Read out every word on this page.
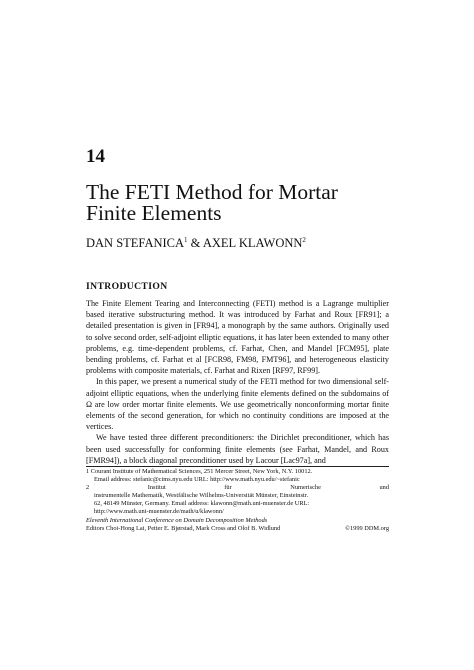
14
The FETI Method for Mortar
Finite Elements
DAN STEFANICA$^1$ & AXEL KLAWONN$^2$
INTRODUCTION

The Finite Element Tearing and Interconnecting (FETI) method is a Lagrange multiplier based iterative substructuring method. It was introduced by Farhat and Roux [FR91]; a detailed presentation is given in [FR94], a monograph by the same authors. Originally used to solve second order, self-adjoint elliptic equations, it has later been extended to many other problems, e.g. time-dependent problems, cf. Farhat, Chen, and Mandel [FCM95], plate bending problems, cf. Farhat et al [FCR98, FM98, FMT96], and heterogeneous elasticity problems with composite materials, cf. Farhat and Rixen [RF97, RF99].

In this paper, we present a numerical study of the FETI method for two dimensional self-adjoint elliptic equations, when the underlying finite elements defined on the subdomains of Ω are low order mortar finite elements. We use geometrically nonconforming mortar finite elements of the second generation, for which no continuity conditions are imposed at the vertices.

We have tested three different preconditioners: the Dirichlet preconditioner, which has been used successfully for conforming finite elements (see Farhat, Mandel, and Roux [FMR94]), a block diagonal preconditioner used by Lacour [Lac97a], and

1 Courant Institute of Mathematical Sciences, 251 Mercer Street, New York, N.Y. 10012.
Email address: stefanic@cims.nyu.edu URL: http://www.math.nyu.edu/~stefanic
2	Institut	für	Numerische	und
instrumentelle Mathematik, Westfälische Wilhelms-Universität Münster, Einsteinstr.
62, 48149 Münster, Germany. Email address: klawonn@math.uni-muenster.de URL:
http://www.math.uni-muenster.de/math/u/klawonn/
Eleventh International Conference on Domain Decomposition Methods
Editors Choi-Hong Lai, Petter E. Bjørstad, Mark Cross and Olof B. Widlund	©1999 DDM.org
